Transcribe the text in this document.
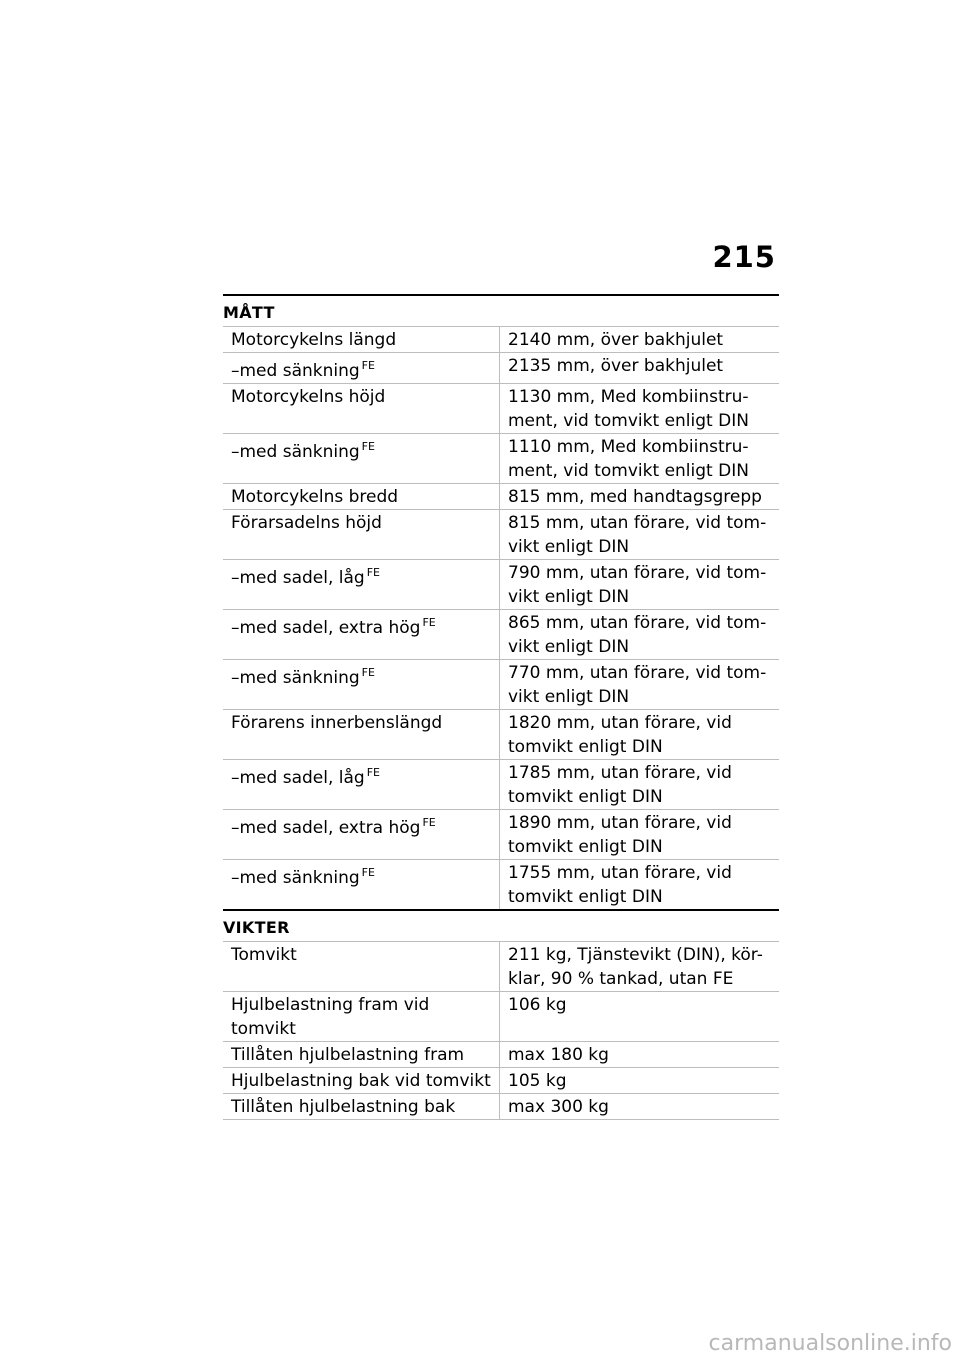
215
MÅTT
Motorcykelns längd	2140 mm, över bakhjulet
–med sänkning $^{FE}$	2135 mm, över bakhjulet
Motorcykelns höjd	1130 mm, Med kombiinstru-ment, vid tomvikt enligt DIN
–med sänkning $^{FE}$	1110 mm, Med kombiinstru-ment, vid tomvikt enligt DIN
Motorcykelns bredd	815 mm, med handtagsgrepp
Förarsadelns höjd	815 mm, utan förare, vid tom-vikt enligt DIN
–med sadel, låg $^{FE}$	790 mm, utan förare, vid tom-vikt enligt DIN
–med sadel, extra hög $^{FE}$	865 mm, utan förare, vid tom-vikt enligt DIN
–med sänkning $^{FE}$	770 mm, utan förare, vid tom-vikt enligt DIN
Förarens innerbenslängd	1820 mm, utan förare, vid tomvikt enligt DIN
–med sadel, låg $^{FE}$	1785 mm, utan förare, vid tomvikt enligt DIN
–med sadel, extra hög $^{FE}$	1890 mm, utan förare, vid tomvikt enligt DIN
–med sänkning $^{FE}$	1755 mm, utan förare, vid tomvikt enligt DIN
VIKTER
Tomvikt	211 kg, Tjänstevikt (DIN), kör-klar, 90 % tankad, utan FE
Hjulbelastning fram vid tomvikt	106 kg
Tillåten hjulbelastning fram	max 180 kg
Hjulbelastning bak vid tomvikt	105 kg
Tillåten hjulbelastning bak	max 300 kg
carmanualsonline.info
